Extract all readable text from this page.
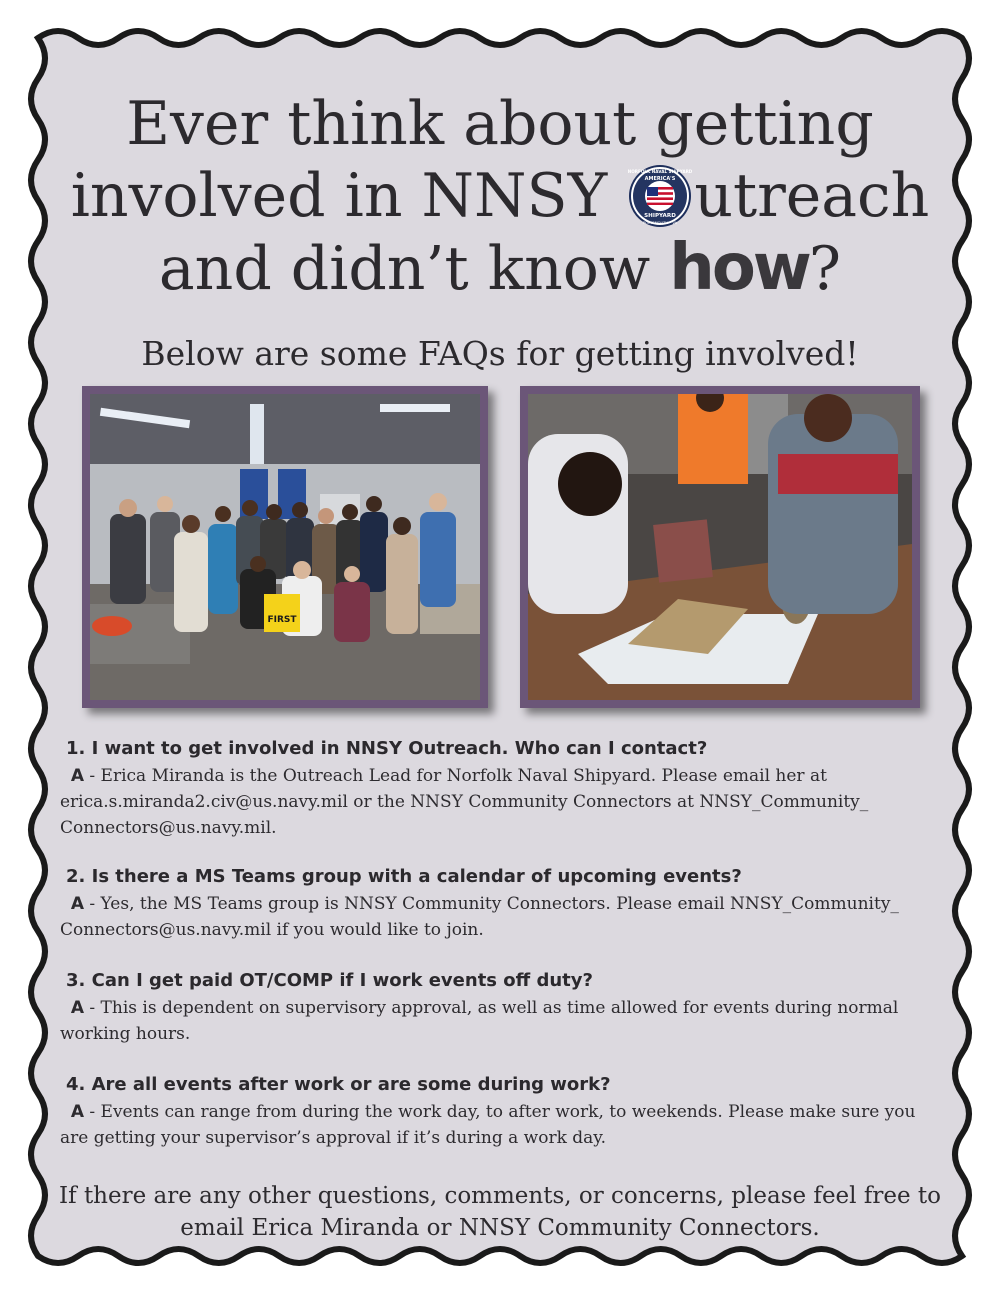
Ever think about getting
involved in NNSY NORFOLK NAVAL SHIPYARD
AMERICA'S
SHIPYARD
PORTSMOUTH • VA utreach
and didn’t know how?
Below are some FAQs for getting involved!
FIRST

1. I want to get involved in NNSY Outreach. Who can I contact?

A - Erica Miranda is the Outreach Lead for Norfolk Naval Shipyard. Please email her at erica.s.miranda2.civ@us.navy.mil or the NNSY Community Connectors at NNSY_Community_ Connectors@us.navy.mil.

2. Is there a MS Teams group with a calendar of upcoming events?

A - Yes, the MS Teams group is NNSY Community Connectors. Please email NNSY_Community_ Connectors@us.navy.mil if you would like to join.

3. Can I get paid OT/COMP if I work events off duty?

A - This is dependent on supervisory approval, as well as time allowed for events during normal working hours.

4. Are all events after work or are some during work?

A - Events can range from during the work day, to after work, to weekends. Please make sure you are getting your supervisor’s approval if it’s during a work day.

If there are any other questions, comments, or concerns, please feel free to email Erica Miranda or NNSY Community Connectors.
